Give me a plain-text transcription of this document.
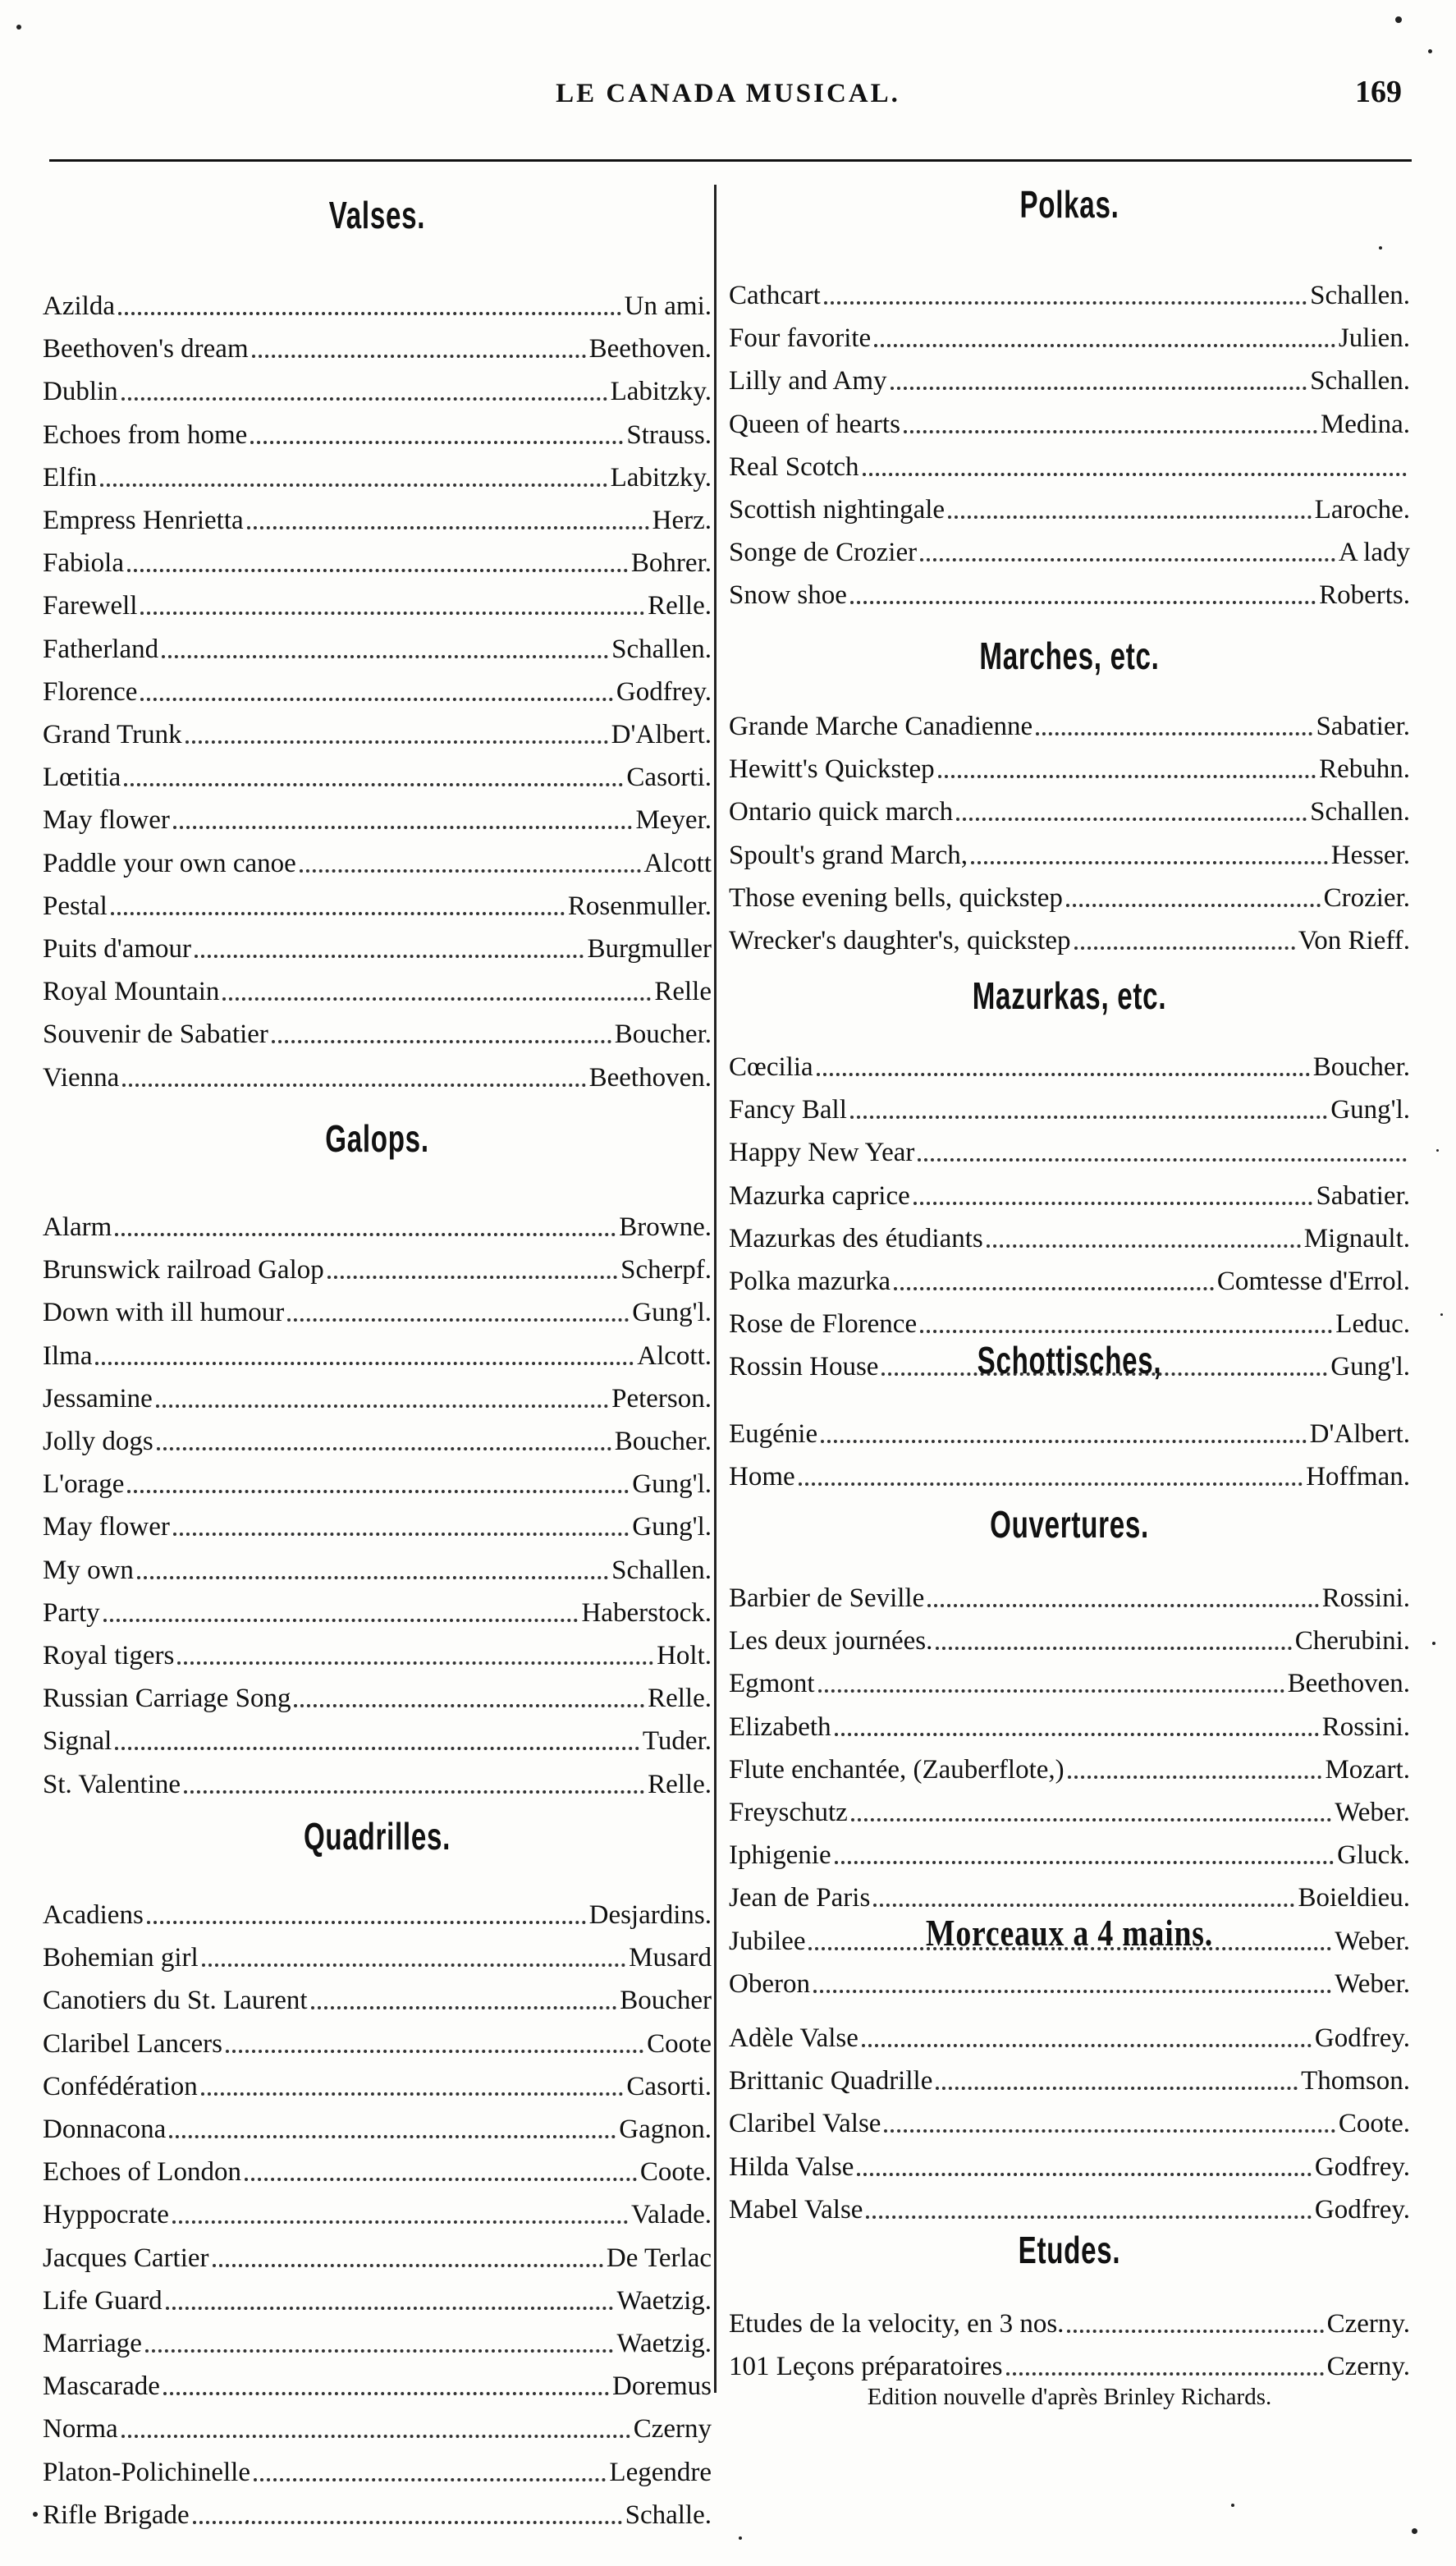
LE CANADA MUSICAL.	169
Valses.
Azilda	Un ami.
Beethoven's dream	Beethoven.
Dublin	Labitzky.
Echoes from home	Strauss.
Elfin	Labitzky.
Empress Henrietta	Herz.
Fabiola	Bohrer.
Farewell	Relle.
Fatherland	Schallen.
Florence	Godfrey.
Grand Trunk	D'Albert.
Lœtitia	Casorti.
May flower	Meyer.
Paddle your own canoe	Alcott
Pestal	Rosenmuller.
Puits d'amour	Burgmuller
Royal Mountain	Relle
Souvenir de Sabatier	Boucher.
Vienna	Beethoven.
Galops.
Alarm	Browne.
Brunswick railroad Galop	Scherpf.
Down with ill humour	Gung'l.
Ilma	Alcott.
Jessamine	Peterson.
Jolly dogs	Boucher.
L'orage	Gung'l.
May flower	Gung'l.
My own	Schallen.
Party	Haberstock.
Royal tigers	Holt.
Russian Carriage Song	Relle.
Signal	Tuder.
St. Valentine	Relle.
Quadrilles.
Acadiens	Desjardins.
Bohemian girl	Musard
Canotiers du St. Laurent	Boucher
Claribel Lancers	Coote
Confédération	Casorti.
Donnacona	Gagnon.
Echoes of London	Coote.
Hyppocrate	Valade.
Jacques Cartier	De Terlac
Life Guard	Waetzig.
Marriage	Waetzig.
Mascarade	Doremus
Norma	Czerny
Platon-Polichinelle	Legendre
Rifle Brigade	Schalle.
Polkas.
Cathcart	Schallen.
Four favorite	Julien.
Lilly and Amy	Schallen.
Queen of hearts	Medina.
Real Scotch
Scottish nightingale	Laroche.
Songe de Crozier	A lady
Snow shoe	Roberts.
Marches, etc.
Grande Marche Canadienne	Sabatier.
Hewitt's Quickstep	Rebuhn.
Ontario quick march	Schallen.
Spoult's grand March,	Hesser.
Those evening bells, quickstep	Crozier.
Wrecker's daughter's, quickstep	Von Rieff.
Mazurkas, etc.
Cœcilia	Boucher.
Fancy Ball	Gung'l.
Happy New Year
Mazurka caprice	Sabatier.
Mazurkas des étudiants	Mignault.
Polka mazurka	Comtesse d'Errol.
Rose de Florence	Leduc.
Rossin House	Gung'l.
Schottisches,
Eugénie	D'Albert.
Home	Hoffman.
Ouvertures.
Barbier de Seville	Rossini.
Les deux journées.	Cherubini.
Egmont	Beethoven.
Elizabeth	Rossini.
Flute enchantée, (Zauberflote,)	Mozart.
Freyschutz	Weber.
Iphigenie	Gluck.
Jean de Paris	Boieldieu.
Jubilee	Weber.
Oberon	Weber.
Morceaux a 4 mains.
Adèle Valse	Godfrey.
Brittanic Quadrille	Thomson.
Claribel Valse	Coote.
Hilda Valse	Godfrey.
Mabel Valse	Godfrey.
Etudes.
Etudes de la velocity, en 3 nos.	Czerny.
101 Leçons préparatoires	Czerny.
Edition nouvelle d'après Brinley Richards.
